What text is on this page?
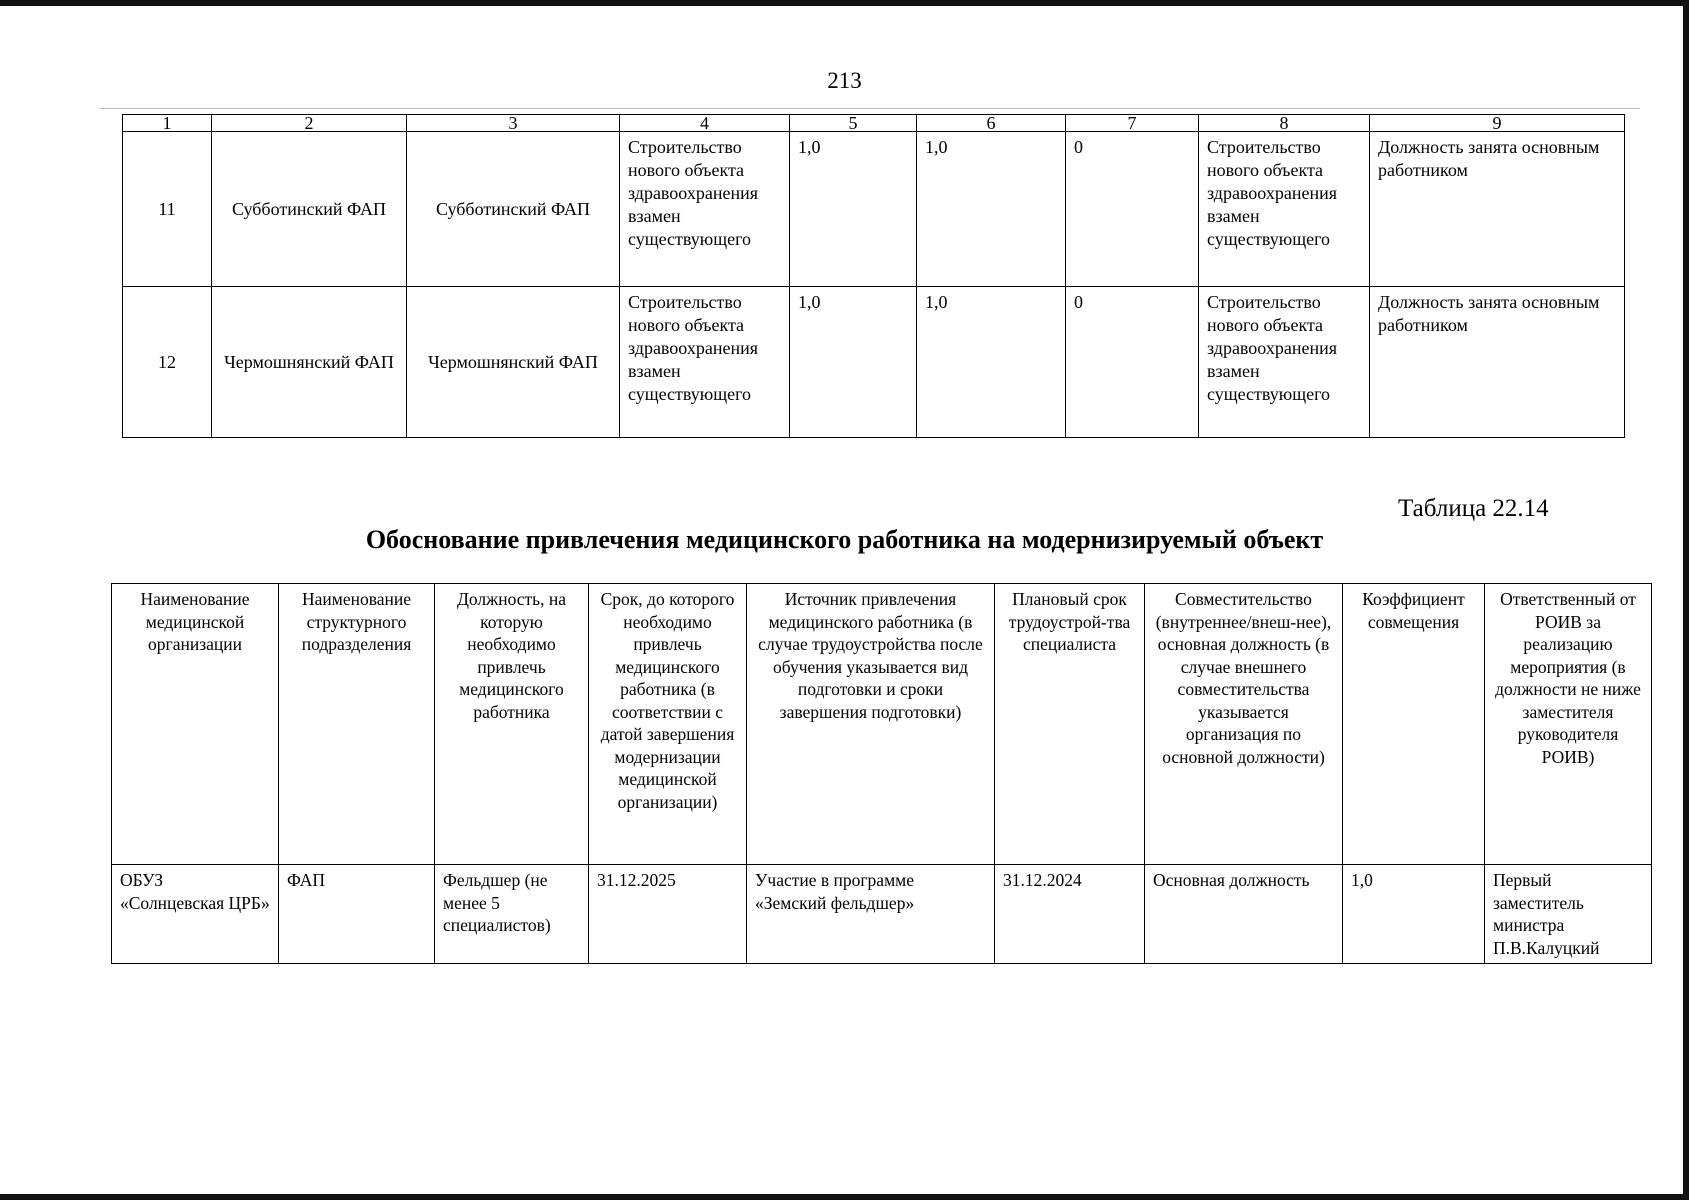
213
1	2	3	4	5	6	7	8	9
11	Субботинский ФАП	Субботинский ФАП	Строительство нового объекта здравоохранения взамен существующего	1,0	1,0	0	Строительство нового объекта здравоохранения взамен существующего	Должность занята основным работником
12	Чермошнянский ФАП	Чермошнянский ФАП	Строительство нового объекта здравоохранения взамен существующего	1,0	1,0	0	Строительство нового объекта здравоохранения взамен существующего	Должность занята основным работником
Таблица 22.14
Обоснование привлечения медицинского работника на модернизируемый объект
Наименование медицинской организации	Наименование структурного подразделения	Должность, на которую необходимо привлечь медицинского работника	Срок, до которого необходимо привлечь медицинского работника (в соответствии с датой завершения модернизации медицинской организации)	Источник привлечения медицинского работника (в случае трудоустройства после обучения указывается вид подготовки и сроки завершения подготовки)	Плановый срок трудоустрой-тва специалиста	Совместительство (внутреннее/внеш-нее), основная должность (в случае внешнего совместительства указывается организация по основной должности)	Коэффициент совмещения	Ответственный от РОИВ за реализацию мероприятия (в должности не ниже заместителя руководителя РОИВ)
ОБУЗ «Солнцевская ЦРБ»	ФАП	Фельдшер (не менее 5 специалистов)	31.12.2025	Участие в программе «Земский фельдшер»	31.12.2024	Основная должность	1,0	Первый заместитель министра П.В.Калуцкий
